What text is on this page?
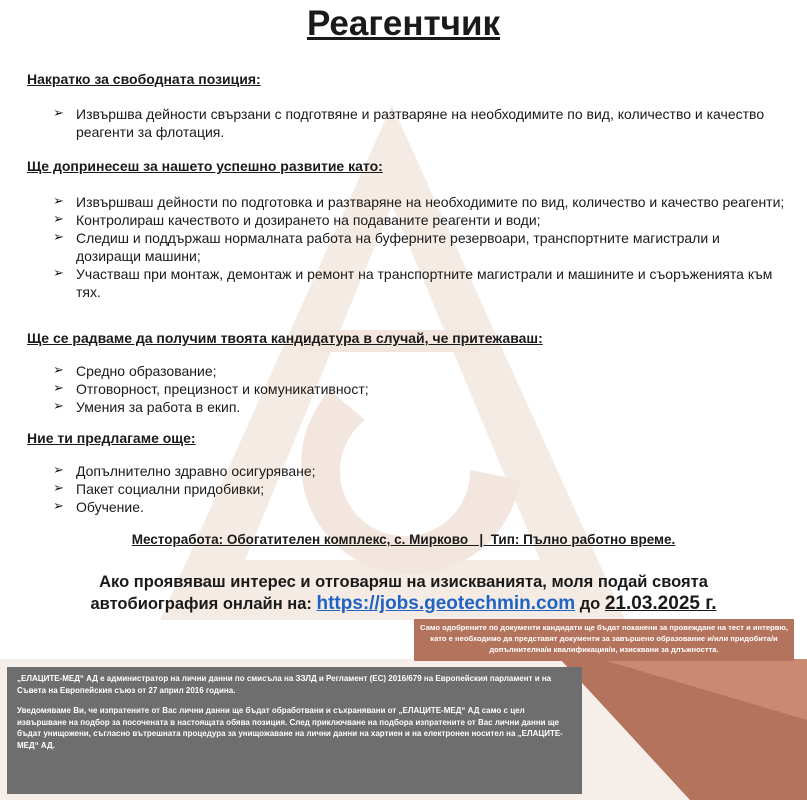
Реагентчик
Накратко за свободната позиция:
➢ Извършва дейности свързани с подготвяне и разтваряне на необходимите по вид, количество и качество реагенти за флотация.
Ще допринесеш за нашето успешно развитие като:
➢ Извършваш дейности по подготовка и разтваряне на необходимите по вид, количество и качество реагенти;
➢ Контролираш качеството и дозирането на подаваните реагенти и води;
➢ Следиш и поддържаш нормалната работа на буферните резервоари, транспортните магистрали и дозиращи машини;
➢ Участваш при монтаж, демонтаж и ремонт на транспортните магистрали и машините и съоръженията към тях.
Ще се радваме да получим твоята кандидатура в случай, че притежаваш:
➢ Средно образование;
➢ Отговорност, прецизност и комуникативност;
➢ Умения за работа в екип.
Ние ти предлагаме още:
➢ Допълнително здравно осигуряване;
➢ Пакет социални придобивки;
➢ Обучение.
Месторабота: Обогатителен комплекс, с. Мирково   |  Тип: Пълно работно време.
Ако проявяваш интерес и отговаряш на изискванията, моля подай своята
автобиография онлайн на: https://jobs.geotechmin.com до 21.03.2025 г.
Само одобрените по документи кандидати ще бъдат поканени за провеждане на тест и интервю, като е необходимо да представят документи за завършено образование и/или придобита/и допълнителна/и квалификация/и, изисквани за длъжността.

„ЕЛАЦИТЕ-МЕД“ АД е администратор на лични данни по смисъла на ЗЗЛД и Регламент (ЕС) 2016/679 на Европейския парламент и на Съвета на Европейския съюз от 27 април 2016 година.

Уведомяваме Ви, че изпратените от Вас лични данни ще бъдат обработвани и съхранявани от „ЕЛАЦИТЕ-МЕД“ АД само с цел извършване на подбор за посочената в настоящата обява позиция. След приключване на подбора изпратените от Вас лични данни ще бъдат унищожени, съгласно вътрешната процедура за унищожаване на лични данни на хартиен и на електронен носител на „ЕЛАЦИТЕ-МЕД“ АД.
